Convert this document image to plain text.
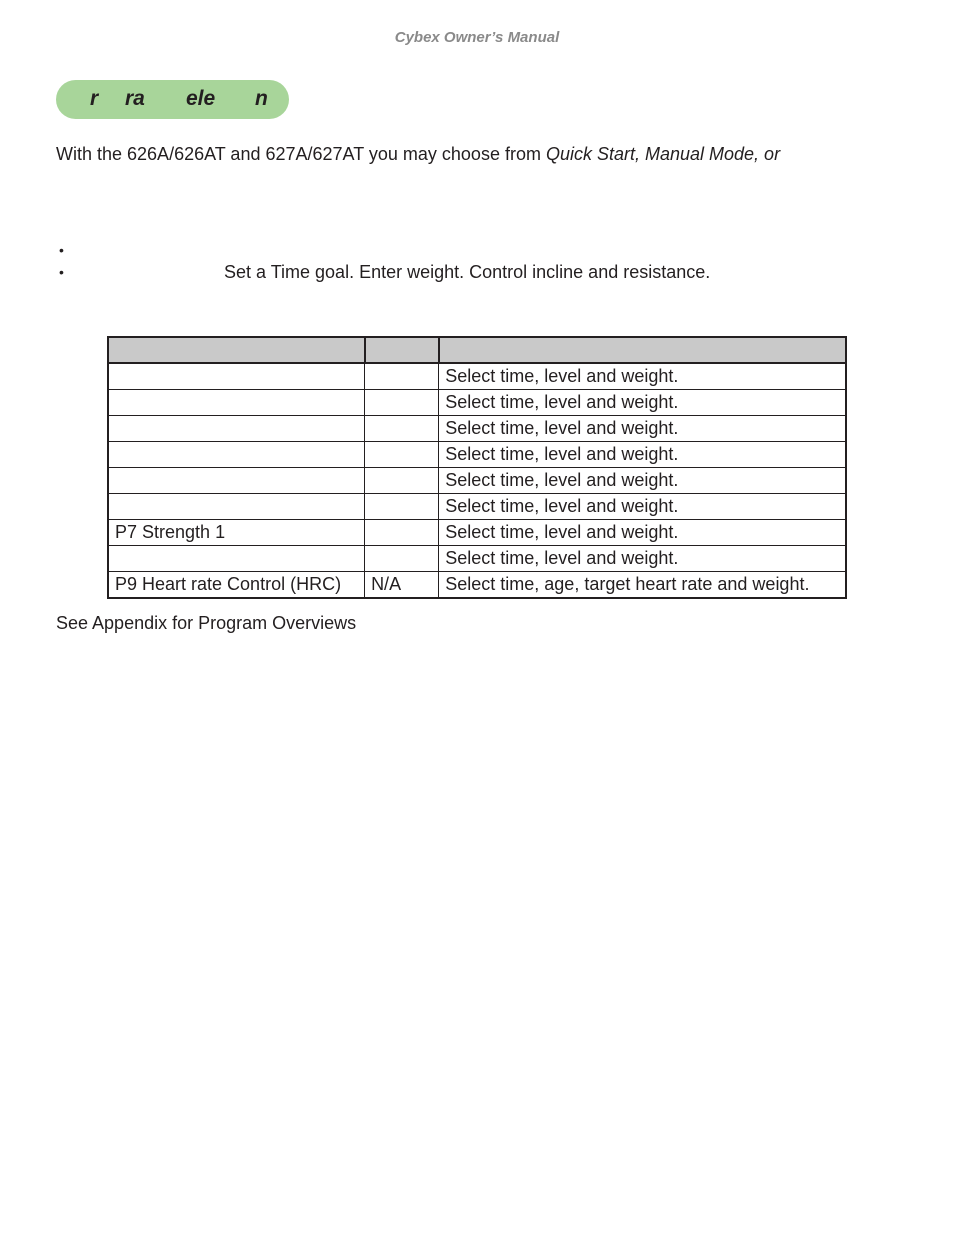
Cybex Owner’s Manual
r ra ele n
With the 626A/626AT and 627A/627AT you may choose from Quick Start, Manual Mode, or
•
•	Set a Time goal. Enter weight. Control incline and resistance.

		Select time, level and weight.
		Select time, level and weight.
		Select time, level and weight.
		Select time, level and weight.
		Select time, level and weight.
		Select time, level and weight.
P7 Strength 1		Select time, level and weight.
		Select time, level and weight.
P9 Heart rate Control (HRC)	N/A	Select time, age, target heart rate and weight.
See Appendix for Program Overviews
